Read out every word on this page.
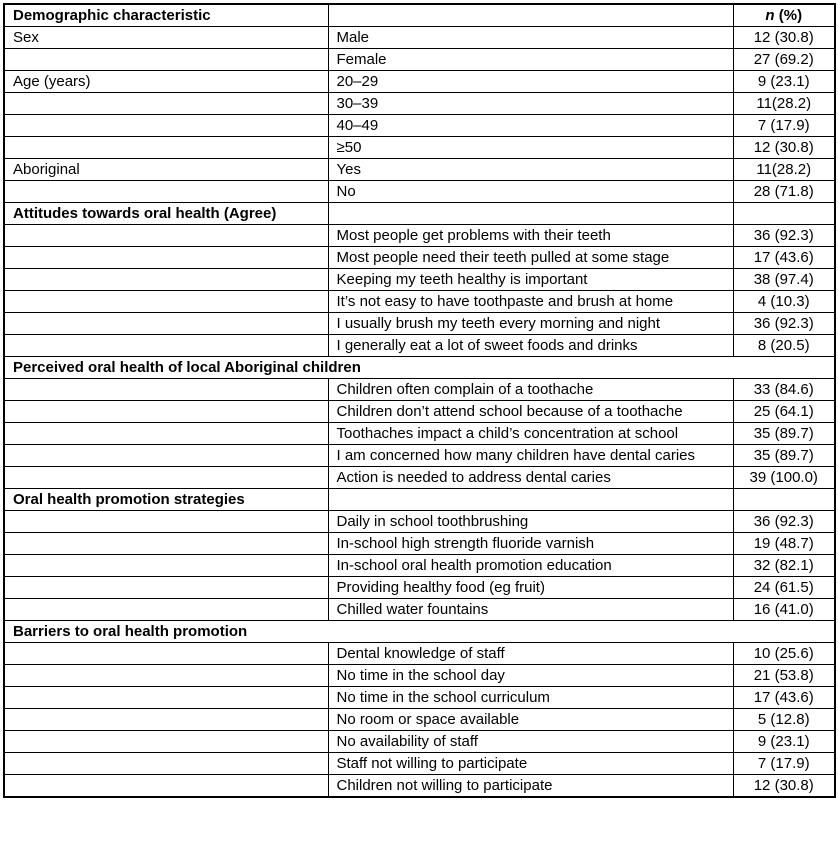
Demographic characteristic		n (%)
Sex	Male	12 (30.8)
	Female	27 (69.2)
Age (years)	20–29	9 (23.1)
	30–39	11(28.2)
	40–49	7 (17.9)
	≥50	12 (30.8)
Aboriginal	Yes	11(28.2)
	No	28 (71.8)
Attitudes towards oral health (Agree)		
	Most people get problems with their teeth	36 (92.3)
	Most people need their teeth pulled at some stage	17 (43.6)
	Keeping my teeth healthy is important	38 (97.4)
	It’s not easy to have toothpaste and brush at home	4 (10.3)
	I usually brush my teeth every morning and night	36 (92.3)
	I generally eat a lot of sweet foods and drinks	8 (20.5)
Perceived oral health of local Aboriginal children		
	Children often complain of a toothache	33 (84.6)
	Children don’t attend school because of a toothache	25 (64.1)
	Toothaches impact a child’s concentration at school	35 (89.7)
	I am concerned how many children have dental caries	35 (89.7)
	Action is needed to address dental caries	39 (100.0)
Oral health promotion strategies		
	Daily in school toothbrushing	36 (92.3)
	In-school high strength fluoride varnish	19 (48.7)
	In-school oral health promotion education	32 (82.1)
	Providing healthy food (eg fruit)	24 (61.5)
	Chilled water fountains	16 (41.0)
Barriers to oral health promotion		
	Dental knowledge of staff	10 (25.6)
	No time in the school day	21 (53.8)
	No time in the school curriculum	17 (43.6)
	No room or space available	5 (12.8)
	No availability of staff	9 (23.1)
	Staff not willing to participate	7 (17.9)
	Children not willing to participate	12 (30.8)
